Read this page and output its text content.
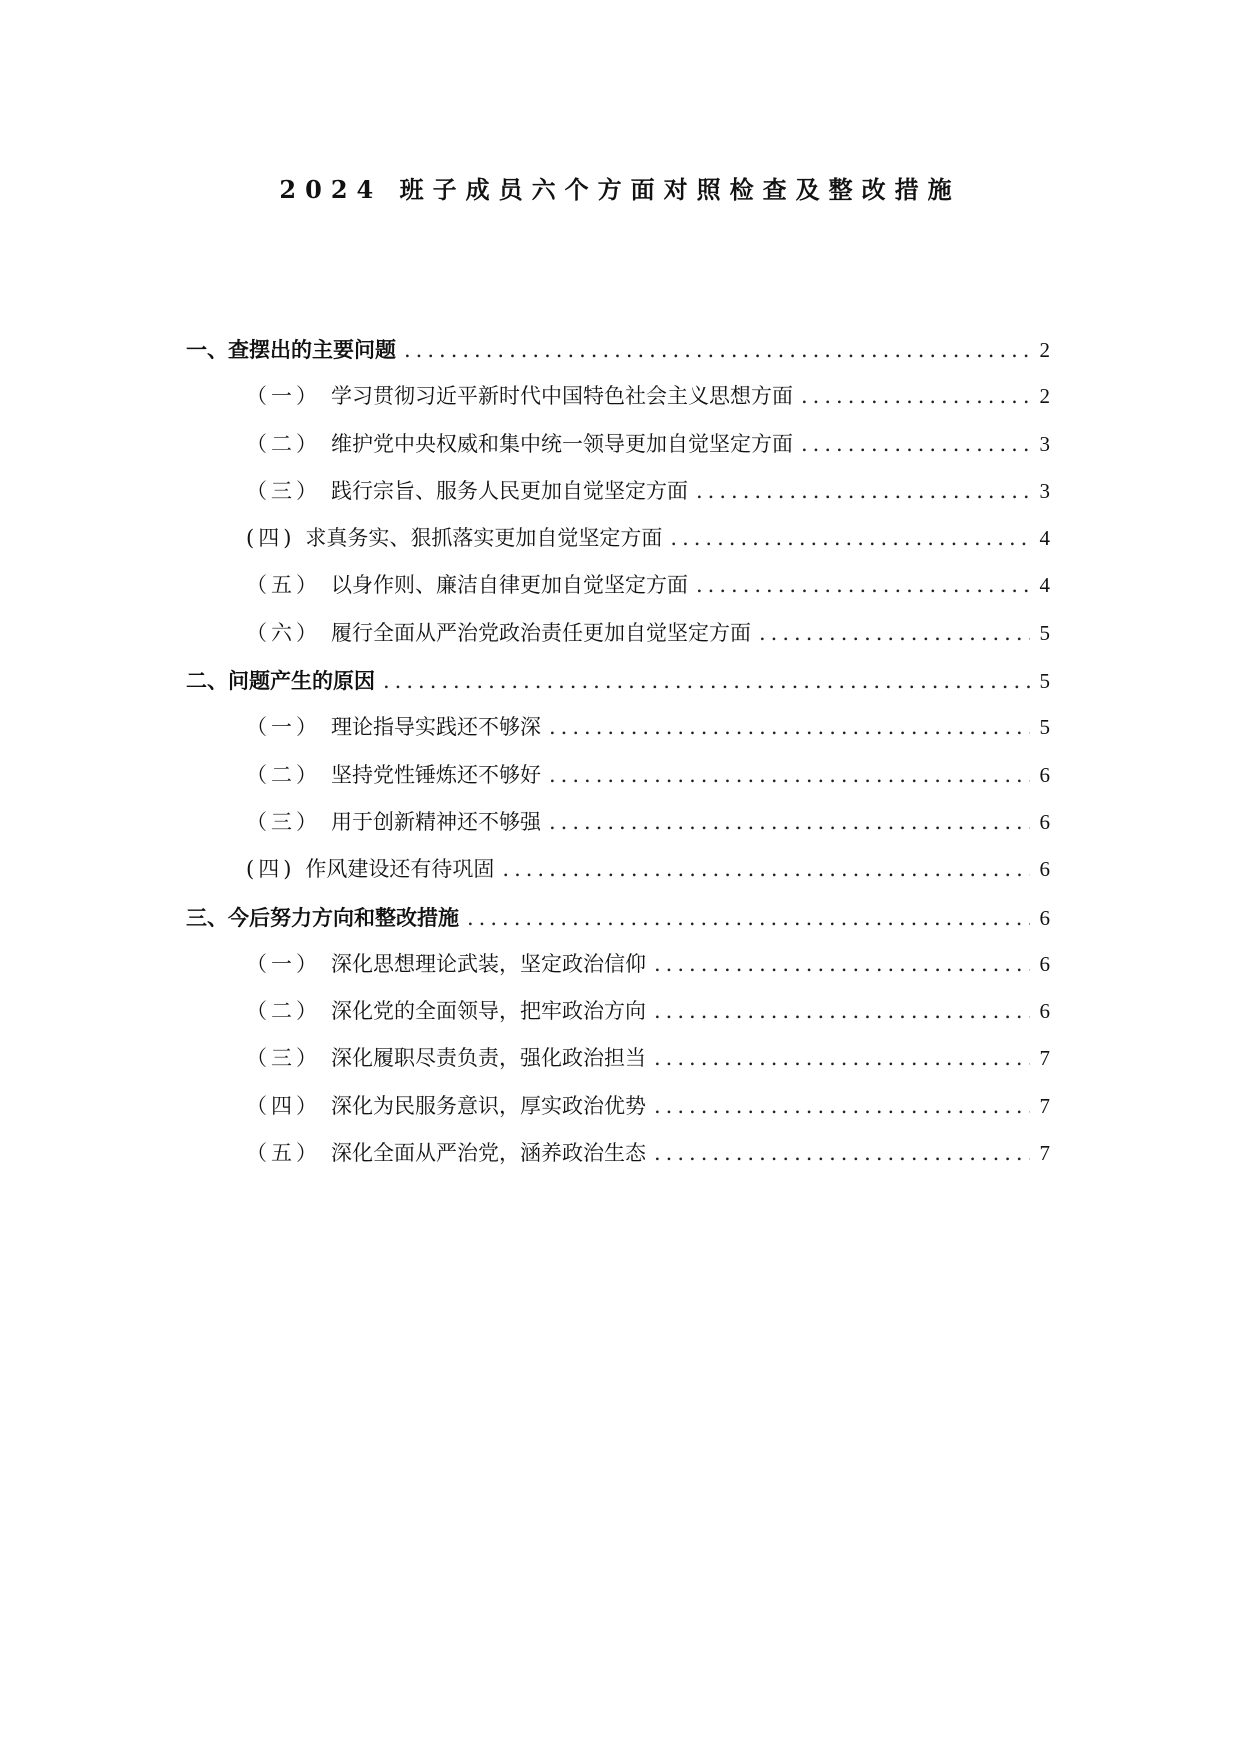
2024 班子成员六个方面对照检查及整改措施
一、查摆出的主要问题 .....	2
（一） 学习贯彻习近平新时代中国特色社会主义思想方面 .....	2
（二） 维护党中央权威和集中统一领导更加自觉坚定方面 .....	3
（三） 践行宗旨、服务人民更加自觉坚定方面 .....	3
(四) 求真务实、狠抓落实更加自觉坚定方面 .....	4
（五） 以身作则、廉洁自律更加自觉坚定方面 .....	4
（六） 履行全面从严治党政治责任更加自觉坚定方面 .....	5
二、问题产生的原因 .....	5
（一） 理论指导实践还不够深 .....	5
（二） 坚持党性锤炼还不够好 .....	6
（三） 用于创新精神还不够强 .....	6
(四) 作风建设还有待巩固 .....	6
三、今后努力方向和整改措施 .....	6
（一） 深化思想理论武装，坚定政治信仰 .....	6
（二） 深化党的全面领导，把牢政治方向 .....	6
（三） 深化履职尽责负责，强化政治担当 .....	7
（四） 深化为民服务意识，厚实政治优势 .....	7
（五） 深化全面从严治党，涵养政治生态 .....	7
